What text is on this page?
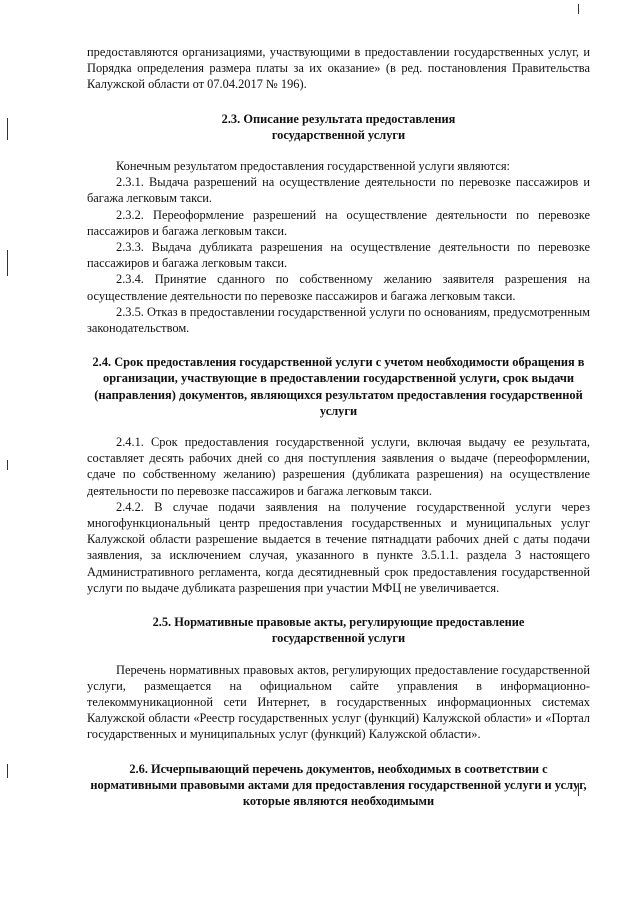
предоставляются организациями, участвующими в предоставлении государственных услуг, и Порядка определения размера платы за их оказание» (в ред. постановления Правительства Калужской области от 07.04.2017 № 196).

2.3. Описание результата предоставления государственной услуги

Конечным результатом предоставления государственной услуги являются:

2.3.1. Выдача разрешений на осуществление деятельности по перевозке пассажиров и багажа легковым такси.

2.3.2. Переоформление разрешений на осуществление деятельности по перевозке пассажиров и багажа легковым такси.

2.3.3. Выдача дубликата разрешения на осуществление деятельности по перевозке пассажиров и багажа легковым такси.

2.3.4. Принятие сданного по собственному желанию заявителя разрешения на осуществление деятельности по перевозке пассажиров и багажа легковым такси.

2.3.5. Отказ в предоставлении государственной услуги по основаниям, предусмотренным законодательством.

2.4. Срок предоставления государственной услуги с учетом необходимости обращения в организации, участвующие в предоставлении государственной услуги, срок выдачи (направления) документов, являющихся результатом предоставления государственной услуги

2.4.1. Срок предоставления государственной услуги, включая выдачу ее результата, составляет десять рабочих дней со дня поступления заявления о выдаче (переоформлении, сдаче по собственному желанию) разрешения (дубликата разрешения) на осуществление деятельности по перевозке пассажиров и багажа легковым такси.

2.4.2. В случае подачи заявления на получение государственной услуги через многофункциональный центр предоставления государственных и муниципальных услуг Калужской области разрешение выдается в течение пятнадцати рабочих дней с даты подачи заявления, за исключением случая, указанного в пункте 3.5.1.1. раздела 3 настоящего Административного регламента, когда десятидневный срок предоставления государственной услуги по выдаче дубликата разрешения при участии МФЦ не увеличивается.

2.5. Нормативные правовые акты, регулирующие предоставление государственной услуги

Перечень нормативных правовых актов, регулирующих предоставление государственной услуги, размещается на официальном сайте управления в информационно-телекоммуникационной сети Интернет, в государственных информационных системах Калужской области «Реестр государственных услуг (функций) Калужской области» и «Портал государственных и муниципальных услуг (функций) Калужской области».

2.6. Исчерпывающий перечень документов, необходимых в соответствии с нормативными правовыми актами для предоставления государственной услуги и услуг, которые являются необходимыми
